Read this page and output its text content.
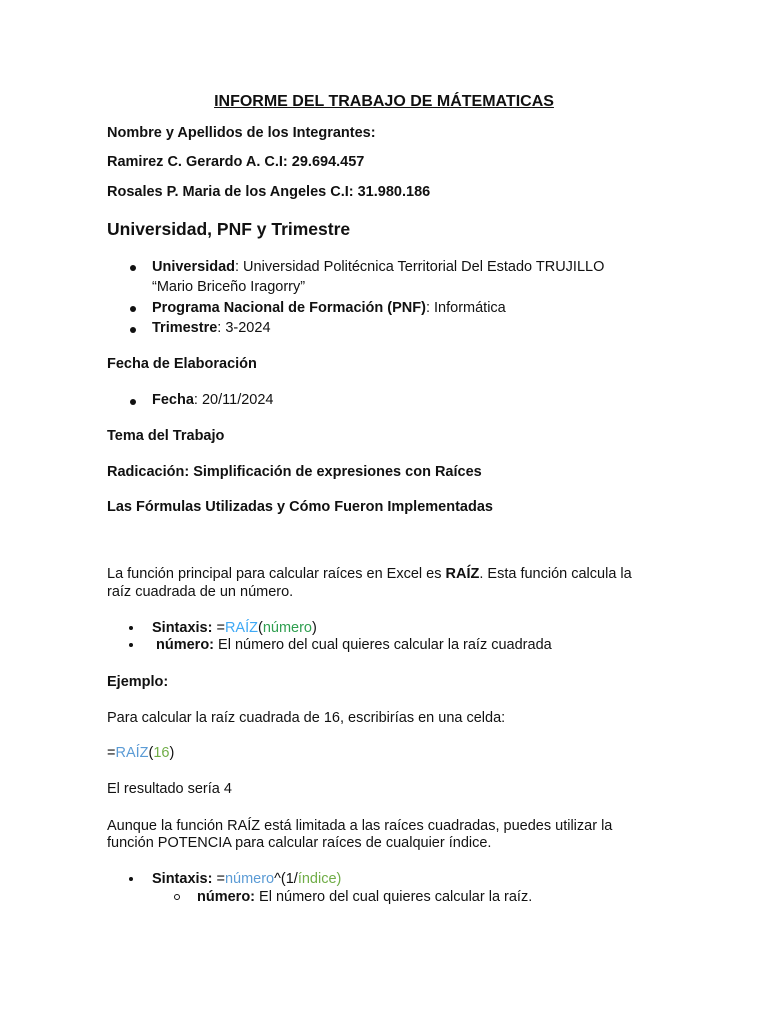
INFORME DEL TRABAJO DE MÁTEMATICAS

Nombre y Apellidos de los Integrantes:

Ramirez C. Gerardo A. C.I: 29.694.457

Rosales P. Maria de los Angeles C.I: 31.980.186

Universidad, PNF y Trimestre

Universidad: Universidad Politécnica Territorial Del Estado TRUJILLO

“Mario Briceño Iragorry”

Programa Nacional de Formación (PNF): Informática

Trimestre: 3-2024

Fecha de Elaboración

Fecha: 20/11/2024

Tema del Trabajo

Radicación: Simplificación de expresiones con Raíces

Las Fórmulas Utilizadas y Cómo Fueron Implementadas

La función principal para calcular raíces en Excel es RAÍZ. Esta función calcula la

raíz cuadrada de un número.

Sintaxis: =RAÍZ(número)

número: El número del cual quieres calcular la raíz cuadrada

Ejemplo:

Para calcular la raíz cuadrada de 16, escribirías en una celda:

=RAÍZ(16)

El resultado sería 4

Aunque la función RAÍZ está limitada a las raíces cuadradas, puedes utilizar la

función POTENCIA para calcular raíces de cualquier índice.

Sintaxis: =número^(1/índice)

número: El número del cual quieres calcular la raíz.
